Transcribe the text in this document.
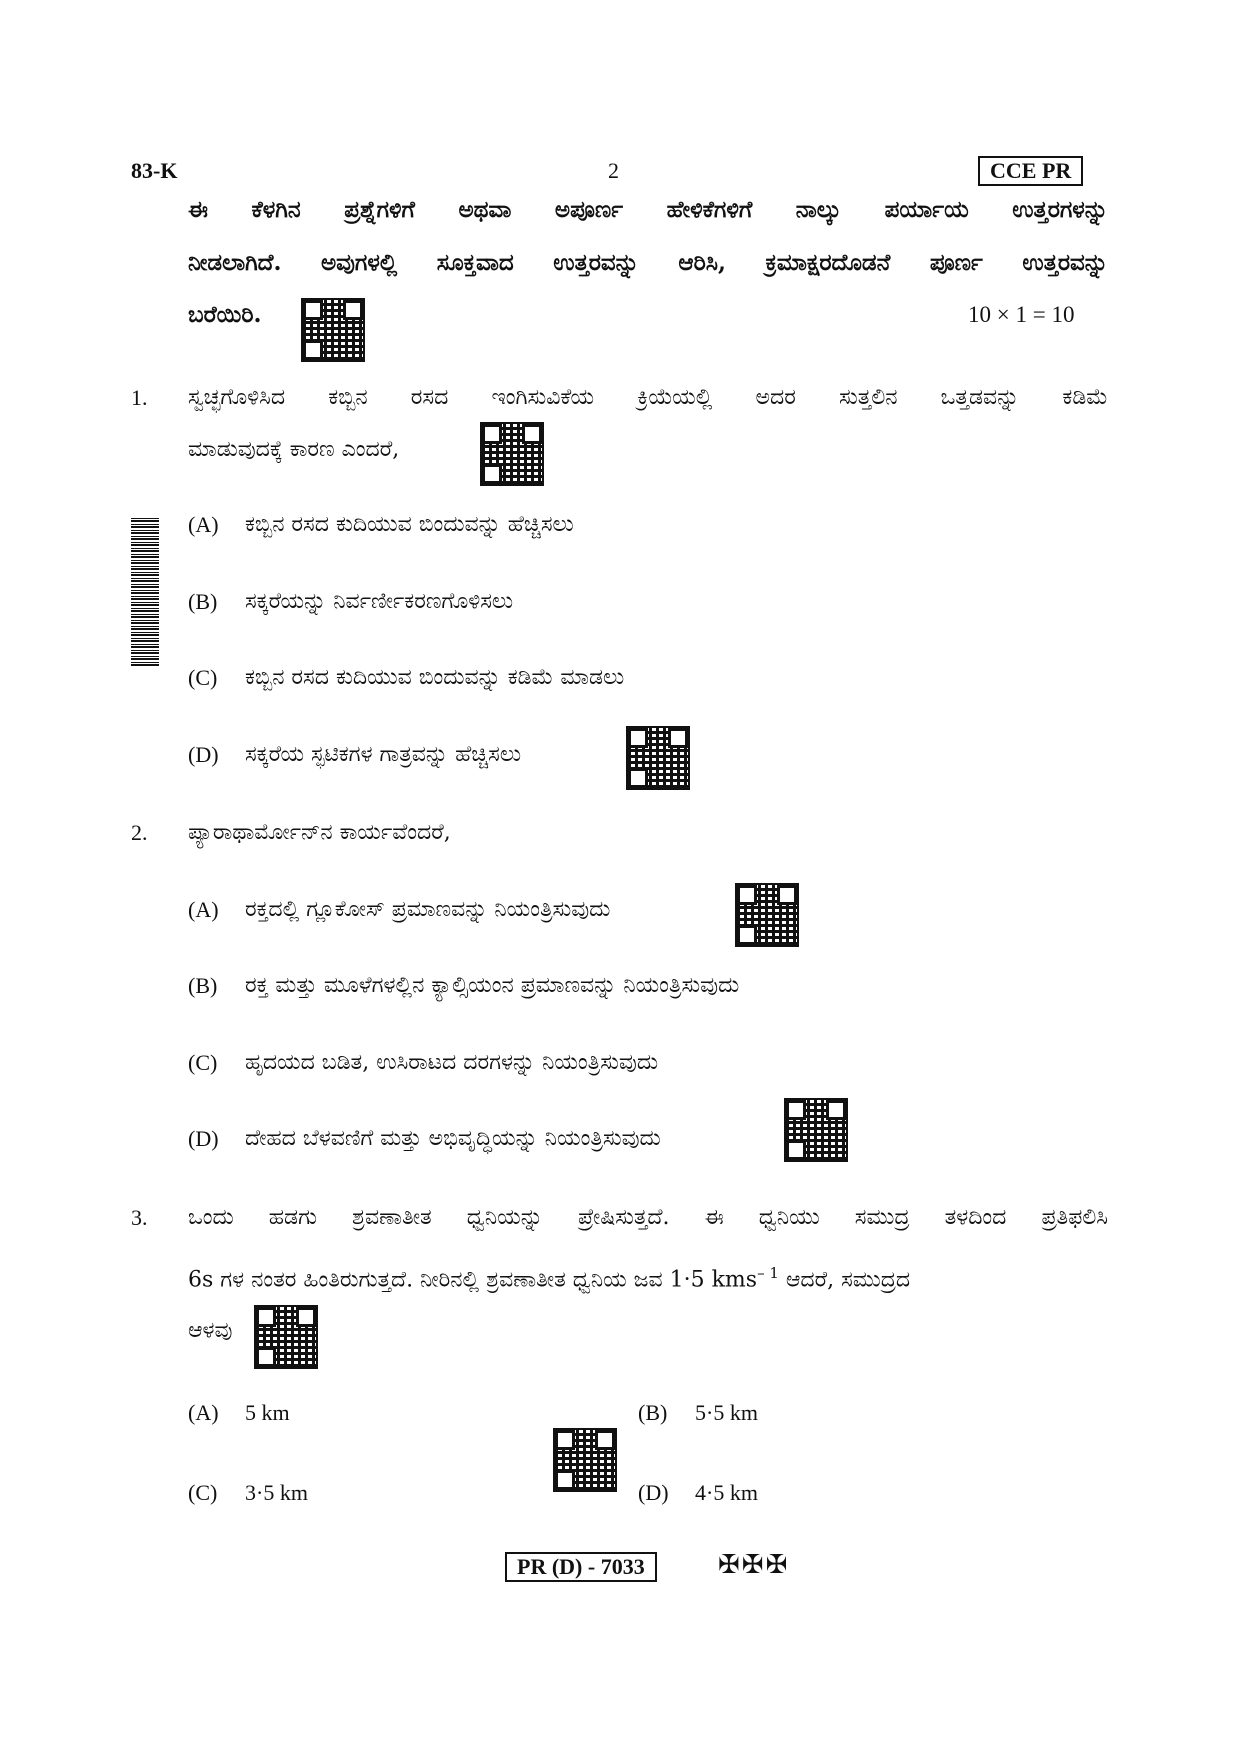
83-K	2	CCE PR
ಈ ಕೆಳಗಿನ ಪ್ರಶ್ನೆಗಳಿಗೆ ಅಥವಾ ಅಪೂರ್ಣ ಹೇಳಿಕೆಗಳಿಗೆ ನಾಲ್ಕು ಪರ್ಯಾಯ ಉತ್ತರಗಳನ್ನು
ನೀಡಲಾಗಿದೆ. ಅವುಗಳಲ್ಲಿ ಸೂಕ್ತವಾದ ಉತ್ತರವನ್ನು ಆರಿಸಿ, ಕ್ರಮಾಕ್ಷರದೊಡನೆ ಪೂರ್ಣ ಉತ್ತರವನ್ನು
ಬರೆಯಿರಿ.	10 × 1 = 10
1. ಸ್ವಚ್ಛಗೊಳಿಸಿದ ಕಬ್ಬಿನ ರಸದ ಇಂಗಿಸುವಿಕೆಯ ಕ್ರಿಯೆಯಲ್ಲಿ ಅದರ ಸುತ್ತಲಿನ ಒತ್ತಡವನ್ನು ಕಡಿಮೆ
ಮಾಡುವುದಕ್ಕೆ ಕಾರಣ ಎಂದರೆ,
(A) ಕಬ್ಬಿನ ರಸದ ಕುದಿಯುವ ಬಿಂದುವನ್ನು ಹೆಚ್ಚಿಸಲು
(B) ಸಕ್ಕರೆಯನ್ನು ನಿರ್ವರ್ಣೀಕರಣಗೊಳಿಸಲು
(C) ಕಬ್ಬಿನ ರಸದ ಕುದಿಯುವ ಬಿಂದುವನ್ನು ಕಡಿಮೆ ಮಾಡಲು
(D) ಸಕ್ಕರೆಯ ಸ್ಫಟಿಕಗಳ ಗಾತ್ರವನ್ನು ಹೆಚ್ಚಿಸಲು
2. ಪ್ಯಾರಾಥಾರ್ಮೋನ್‌ನ ಕಾರ್ಯವೆಂದರೆ,
(A) ರಕ್ತದಲ್ಲಿ ಗ್ಲೂಕೋಸ್ ಪ್ರಮಾಣವನ್ನು ನಿಯಂತ್ರಿಸುವುದು
(B) ರಕ್ತ ಮತ್ತು ಮೂಳೆಗಳಲ್ಲಿನ ಕ್ಯಾಲ್ಸಿಯಂನ ಪ್ರಮಾಣವನ್ನು ನಿಯಂತ್ರಿಸುವುದು
(C) ಹೃದಯದ ಬಡಿತ, ಉಸಿರಾಟದ ದರಗಳನ್ನು ನಿಯಂತ್ರಿಸುವುದು
(D) ದೇಹದ ಬೆಳವಣಿಗೆ ಮತ್ತು ಅಭಿವೃದ್ಧಿಯನ್ನು ನಿಯಂತ್ರಿಸುವುದು
3. ಒಂದು ಹಡಗು ಶ್ರವಣಾತೀತ ಧ್ವನಿಯನ್ನು ಪ್ರೇಷಿಸುತ್ತದೆ. ಈ ಧ್ವನಿಯು ಸಮುದ್ರ ತಳದಿಂದ ಪ್ರತಿಫಲಿಸಿ
6s ಗಳ ನಂತರ ಹಿಂತಿರುಗುತ್ತದೆ. ನೀರಿನಲ್ಲಿ ಶ್ರವಣಾತೀತ ಧ್ವನಿಯ ಜವ 1·5 kms$^{- 1}$ ಆದರೆ, ಸಮುದ್ರದ
ಆಳವು
(A) 5 km	(B) 5·5 km
(C) 3·5 km	(D) 4·5 km
PR (D) - 7033	✠✠✠
